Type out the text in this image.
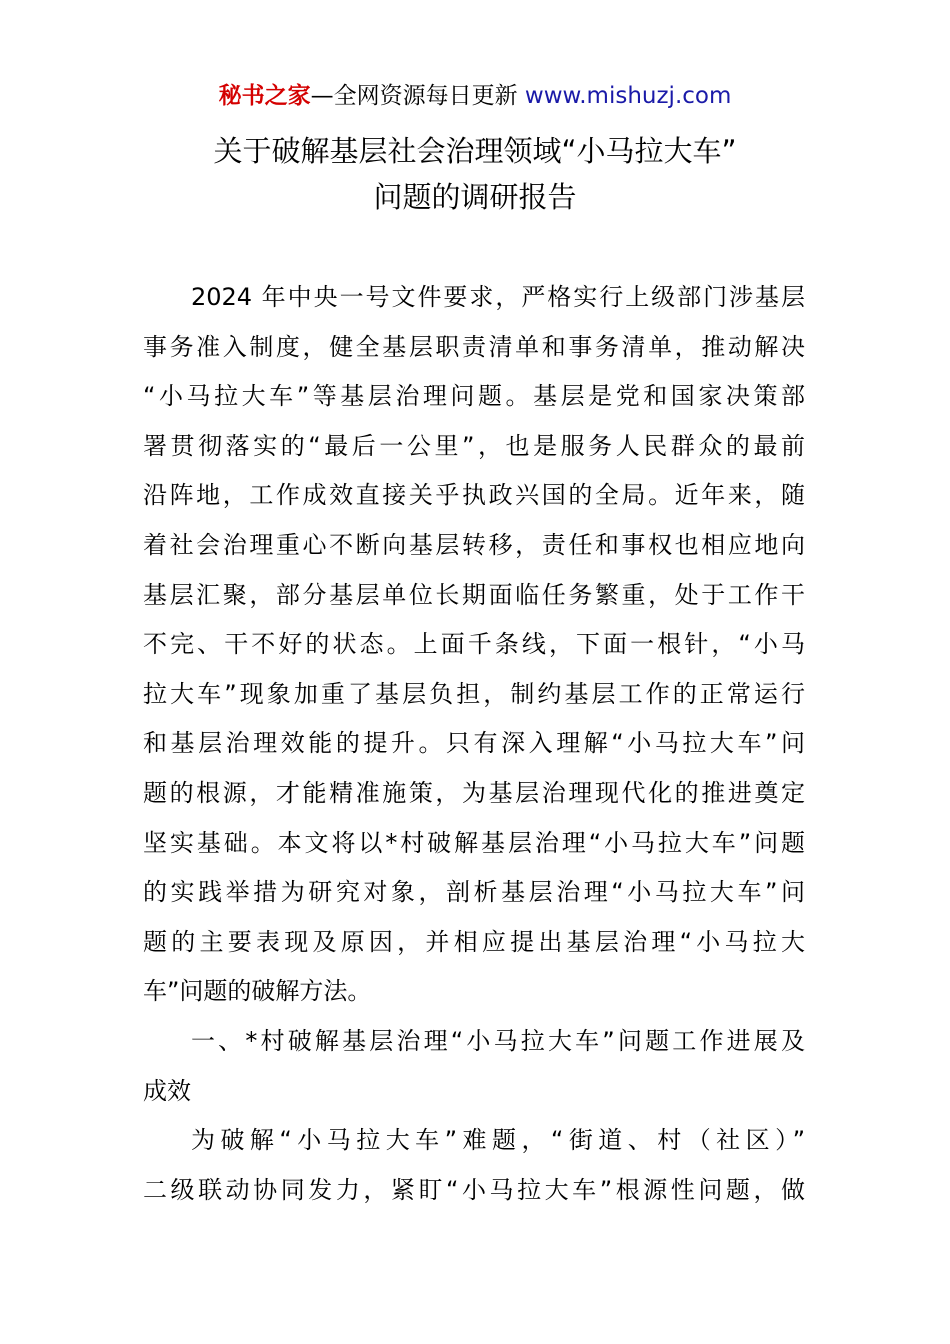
秘书之家—全网资源每日更新 www.mishuzj.com
关于破解基层社会治理领域“小马拉大车”
问题的调研报告
2024 年中央一号文件要求，严格实行上级部门涉基层
事务准入制度，健全基层职责清单和事务清单，推动解决
“小马拉大车”等基层治理问题。基层是党和国家决策部
署贯彻落实的“最后一公里”，也是服务人民群众的最前
沿阵地，工作成效直接关乎执政兴国的全局。近年来，随
着社会治理重心不断向基层转移，责任和事权也相应地向
基层汇聚，部分基层单位长期面临任务繁重，处于工作干
不完、干不好的状态。上面千条线，下面一根针，“小马
拉大车”现象加重了基层负担，制约基层工作的正常运行
和基层治理效能的提升。只有深入理解“小马拉大车”问
题的根源，才能精准施策，为基层治理现代化的推进奠定
坚实基础。本文将以*村破解基层治理“小马拉大车”问题
的实践举措为研究对象，剖析基层治理“小马拉大车”问
题的主要表现及原因，并相应提出基层治理“小马拉大
车”问题的破解方法。
一、*村破解基层治理“小马拉大车”问题工作进展及
成效
为破解“小马拉大车”难题，“街道、村（社区）”
二级联动协同发力，紧盯“小马拉大车”根源性问题，做
